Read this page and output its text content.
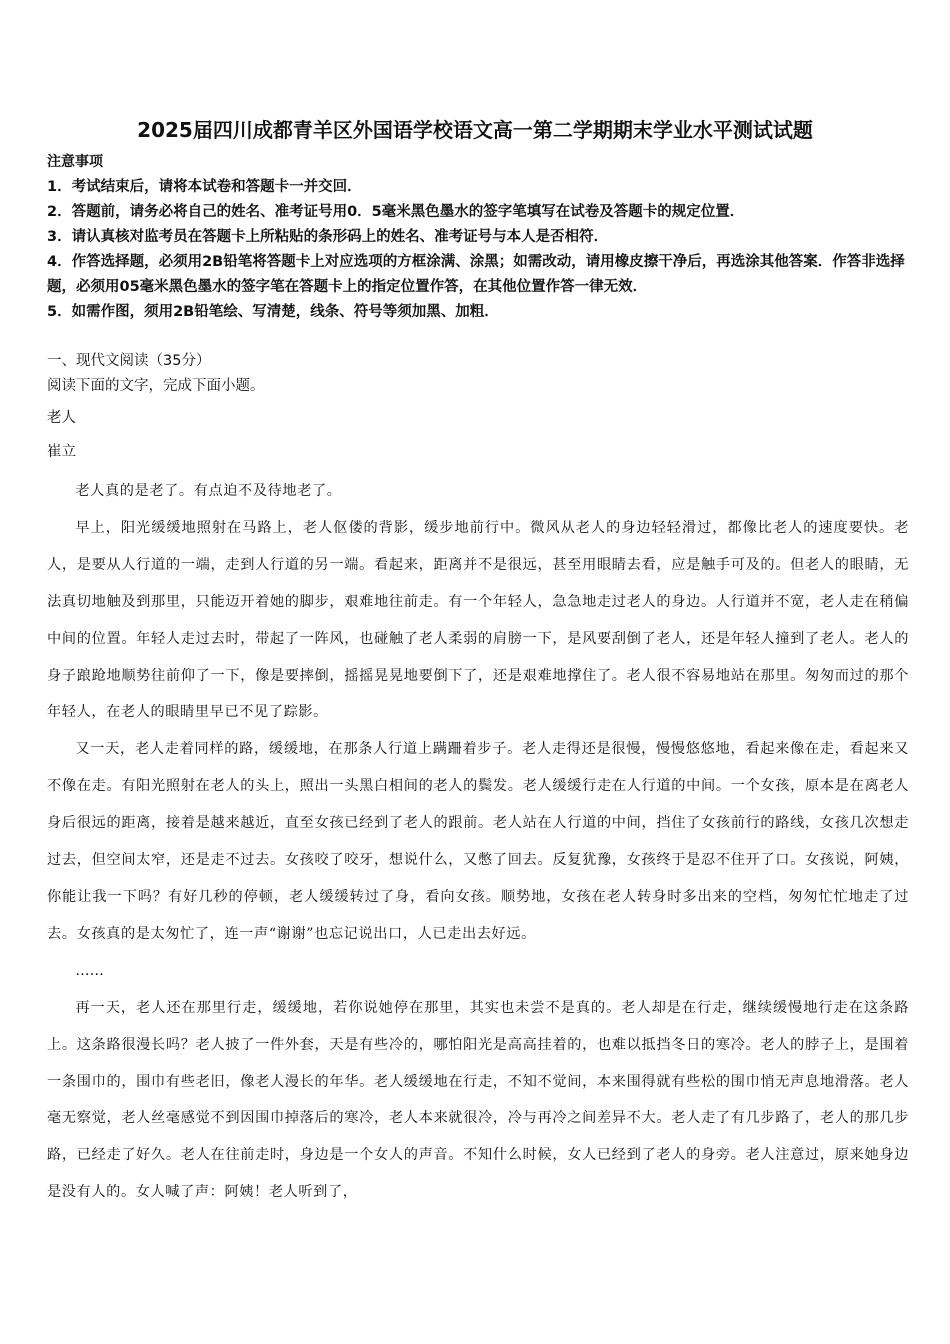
2025届四川成都青羊区外国语学校语文高一第二学期期末学业水平测试试题
注意事项
1．考试结束后，请将本试卷和答题卡一并交回．
2．答题前，请务必将自己的姓名、准考证号用0．5毫米黑色墨水的签字笔填写在试卷及答题卡的规定位置．
3．请认真核对监考员在答题卡上所粘贴的条形码上的姓名、准考证号与本人是否相符．
4．作答选择题，必须用2B铅笔将答题卡上对应选项的方框涂满、涂黑；如需改动，请用橡皮擦干净后，再选涂其他答案．作答非选择题，必须用05毫米黑色墨水的签字笔在答题卡上的指定位置作答，在其他位置作答一律无效．
5．如需作图，须用2B铅笔绘、写清楚，线条、符号等须加黑、加粗．
一、现代文阅读（35分）
阅读下面的文字，完成下面小题。
老人
崔立

老人真的是老了。有点迫不及待地老了。

早上，阳光缓缓地照射在马路上，老人伛偻的背影，缓步地前行中。微风从老人的身边轻轻滑过，都像比老人的速度要快。老人，是要从人行道的一端，走到人行道的另一端。看起来，距离并不是很远，甚至用眼睛去看，应是触手可及的。但老人的眼睛，无法真切地触及到那里，只能迈开着她的脚步，艰难地往前走。有一个年轻人，急急地走过老人的身边。人行道并不宽，老人走在稍偏中间的位置。年轻人走过去时，带起了一阵风，也碰触了老人柔弱的肩膀一下，是风要刮倒了老人，还是年轻人撞到了老人。老人的身子踉跄地顺势往前仰了一下，像是要摔倒，摇摇晃晃地要倒下了，还是艰难地撑住了。老人很不容易地站在那里。匆匆而过的那个年轻人，在老人的眼睛里早已不见了踪影。

又一天，老人走着同样的路，缓缓地，在那条人行道上蹒跚着步子。老人走得还是很慢，慢慢悠悠地，看起来像在走，看起来又不像在走。有阳光照射在老人的头上，照出一头黑白相间的老人的鬓发。老人缓缓行走在人行道的中间。一个女孩，原本是在离老人身后很远的距离，接着是越来越近，直至女孩已经到了老人的跟前。老人站在人行道的中间，挡住了女孩前行的路线，女孩几次想走过去，但空间太窄，还是走不过去。女孩咬了咬牙，想说什么，又憋了回去。反复犹豫，女孩终于是忍不住开了口。女孩说，阿姨，你能让我一下吗？有好几秒的停顿，老人缓缓转过了身，看向女孩。顺势地，女孩在老人转身时多出来的空档，匆匆忙忙地走了过去。女孩真的是太匆忙了，连一声“谢谢”也忘记说出口，人已走出去好远。

……

再一天，老人还在那里行走，缓缓地，若你说她停在那里，其实也未尝不是真的。老人却是在行走，继续缓慢地行走在这条路上。这条路很漫长吗？老人披了一件外套，天是有些冷的，哪怕阳光是高高挂着的，也难以抵挡冬日的寒冷。老人的脖子上，是围着一条围巾的，围巾有些老旧，像老人漫长的年华。老人缓缓地在行走，不知不觉间，本来围得就有些松的围巾悄无声息地滑落。老人毫无察觉，老人丝毫感觉不到因围巾掉落后的寒冷，老人本来就很冷，冷与再冷之间差异不大。老人走了有几步路了，老人的那几步路，已经走了好久。老人在往前走时，身边是一个女人的声音。不知什么时候，女人已经到了老人的身旁。老人注意过，原来她身边是没有人的。女人喊了声：阿姨！老人听到了，
